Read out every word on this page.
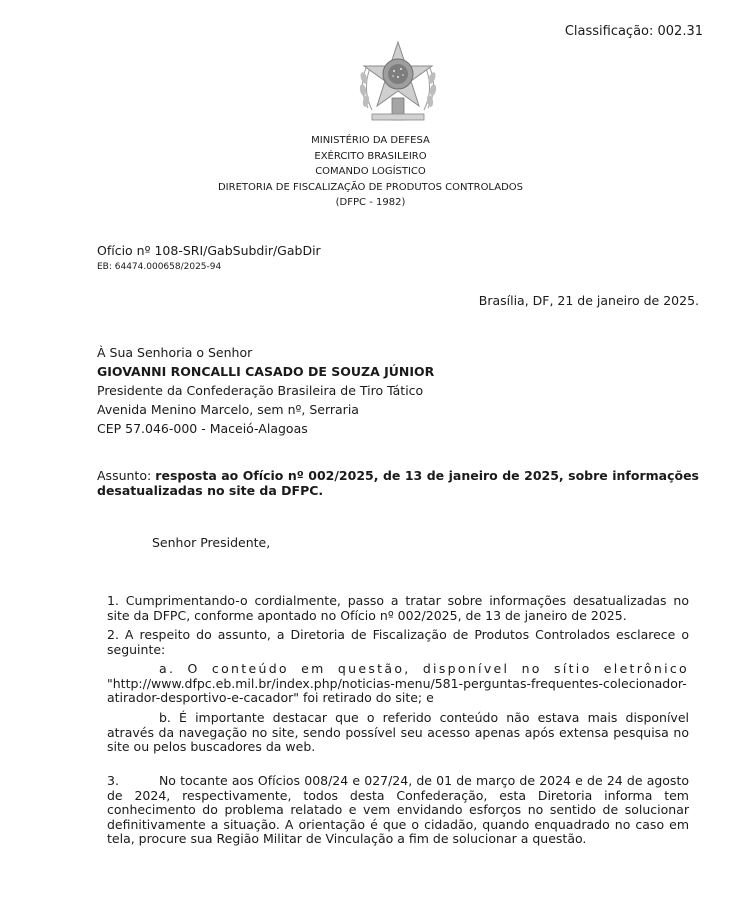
Classificação: 002.31
MINISTÉRIO DA DEFESA
EXÉRCITO BRASILEIRO
COMANDO LOGÍSTICO
DIRETORIA DE FISCALIZAÇÃO DE PRODUTOS CONTROLADOS
(DFPC - 1982)
Ofício nº 108-SRI/GabSubdir/GabDir
EB: 64474.000658/2025-94
Brasília, DF, 21 de janeiro de 2025.
À Sua Senhoria o Senhor
GIOVANNI RONCALLI CASADO DE SOUZA JÚNIOR
Presidente da Confederação Brasileira de Tiro Tático
Avenida Menino Marcelo, sem nº, Serraria
CEP 57.046-000 - Maceió-Alagoas
Assunto: resposta ao Ofício nº 002/2025, de 13 de janeiro de 2025, sobre informações desatualizadas no site da DFPC.
Senhor Presidente,
1. Cumprimentando-o cordialmente, passo a tratar sobre informações desatualizadas no site da DFPC, conforme apontado no Ofício nº 002/2025, de 13 de janeiro de 2025.
2. A respeito do assunto, a Diretoria de Fiscalização de Produtos Controlados esclarece o seguinte:
a. O conteúdo em questão, disponível no sítio eletrônico
"http://www.dfpc.eb.mil.br/index.php/noticias-menu/581-perguntas-frequentes-colecionador-atirador-desportivo-e-cacador" foi retirado do site; e
b. É importante destacar que o referido conteúdo não estava mais disponível através da navegação no site, sendo possível seu acesso apenas após extensa pesquisa no site ou pelos buscadores da web.
3.	No tocante aos Ofícios 008/24 e 027/24, de 01 de março de 2024 e de 24 de agosto de 2024, respectivamente, todos desta Confederação, esta Diretoria informa tem conhecimento do problema relatado e vem envidando esforços no sentido de solucionar definitivamente a situação. A orientação é que o cidadão, quando enquadrado no caso em tela, procure sua Região Militar de Vinculação a fim de solucionar a questão.
